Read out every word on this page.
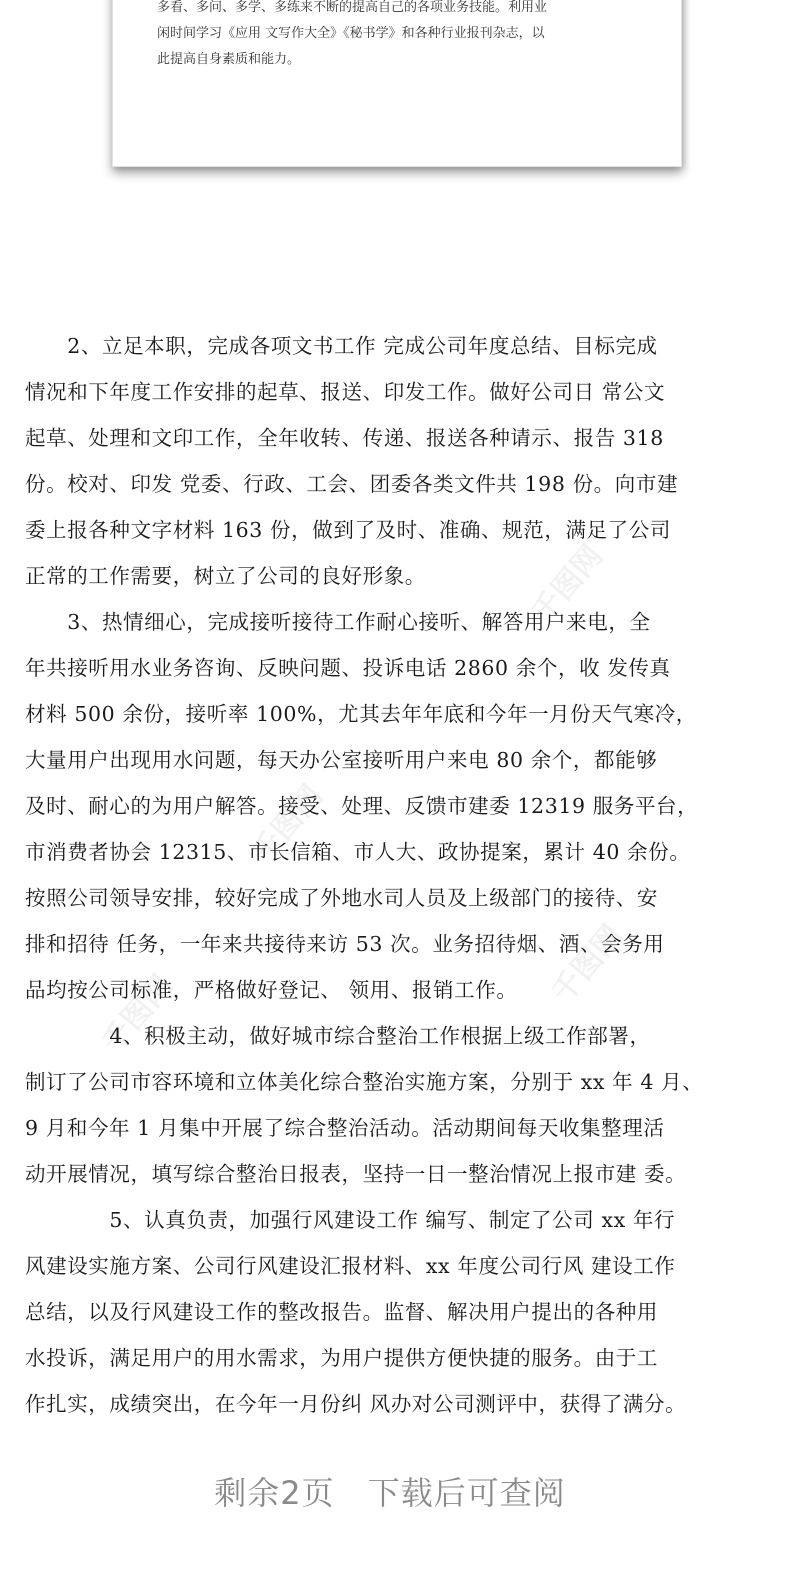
多看、多问、多学、多练来不断的提高自己的各项业务技能。利用业
闲时间学习《应用 文写作大全》《秘书学》和各种行业报刊杂志，以
此提高自身素质和能力。
千图网
千图网
千图网
千图网

　　2、立足本职，完成各项文书工作 完成公司年度总结、目标完成
情况和下年度工作安排的起草、报送、印发工作。做好公司日 常公文
起草、处理和文印工作，全年收转、传递、报送各种请示、报告 318
份。校对、印发 党委、行政、工会、团委各类文件共 198 份。向市建
委上报各种文字材料 163 份，做到了及时、准确、规范，满足了公司
正常的工作需要，树立了公司的良好形象。

　　3、热情细心，完成接听接待工作耐心接听、解答用户来电，全
年共接听用水业务咨询、反映问题、投诉电话 2860 余个，收 发传真
材料 500 余份，接听率 100%，尤其去年年底和今年一月份天气寒冷，
大量用户出现用水问题，每天办公室接听用户来电 80 余个，都能够
及时、耐心的为用户解答。接受、处理、反馈市建委 12319 服务平台，
市消费者协会 12315、市长信箱、市人大、政协提案，累计 40 余份。
按照公司领导安排，较好完成了外地水司人员及上级部门的接待、安
排和招待 任务，一年来共接待来访 53 次。业务招待烟、酒、会务用
品均按公司标准，严格做好登记、 领用、报销工作。

　　　　4、积极主动，做好城市综合整治工作根据上级工作部署，
制订了公司市容环境和立体美化综合整治实施方案，分别于 xx 年 4 月、
9 月和今年 1 月集中开展了综合整治活动。活动期间每天收集整理活
动开展情况，填写综合整治日报表，坚持一日一整治情况上报市建 委。

　　　　5、认真负责，加强行风建设工作 编写、制定了公司 xx 年行
风建设实施方案、公司行风建设汇报材料、xx 年度公司行风 建设工作
总结，以及行风建设工作的整改报告。监督、解决用户提出的各种用
水投诉，满足用户的用水需求，为用户提供方便快捷的服务。由于工
作扎实，成绩突出，在今年一月份纠 风办对公司测评中，获得了满分。

剩余2页　 下载后可查阅
